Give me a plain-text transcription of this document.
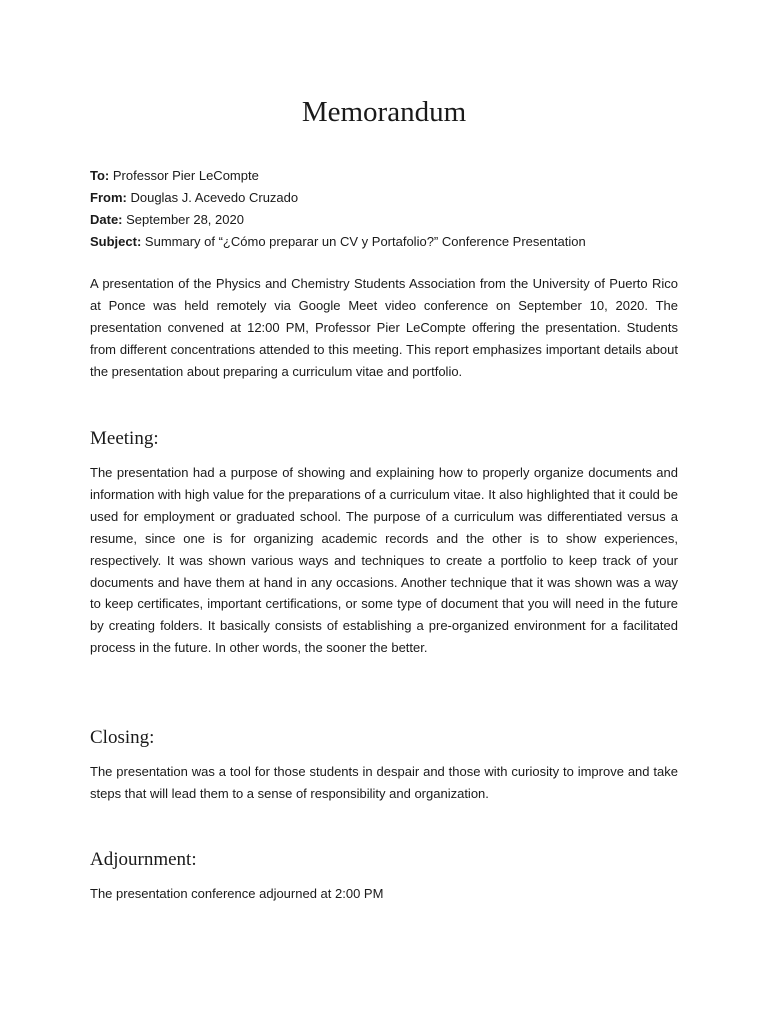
Memorandum
To: Professor Pier LeCompte
From: Douglas J. Acevedo Cruzado
Date: September 28, 2020
Subject: Summary of “¿Cómo preparar un CV y Portafolio?” Conference Presentation

A presentation of the Physics and Chemistry Students Association from the University of Puerto Rico at Ponce was held remotely via Google Meet video conference on September 10, 2020. The presentation convened at 12:00 PM, Professor Pier LeCompte offering the presentation. Students from different concentrations attended to this meeting. This report emphasizes important details about the presentation about preparing a curriculum vitae and portfolio.

Meeting:

The presentation had a purpose of showing and explaining how to properly organize documents and information with high value for the preparations of a curriculum vitae. It also highlighted that it could be used for employment or graduated school. The purpose of a curriculum was differentiated versus a resume, since one is for organizing academic records and the other is to show experiences, respectively. It was shown various ways and techniques to create a portfolio to keep track of your documents and have them at hand in any occasions. Another technique that it was shown was a way to keep certificates, important certifications, or some type of document that you will need in the future by creating folders. It basically consists of establishing a pre-organized environment for a facilitated process in the future. In other words, the sooner the better.

Closing:

The presentation was a tool for those students in despair and those with curiosity to improve and take steps that will lead them to a sense of responsibility and organization.

Adjournment:

The presentation conference adjourned at 2:00 PM
